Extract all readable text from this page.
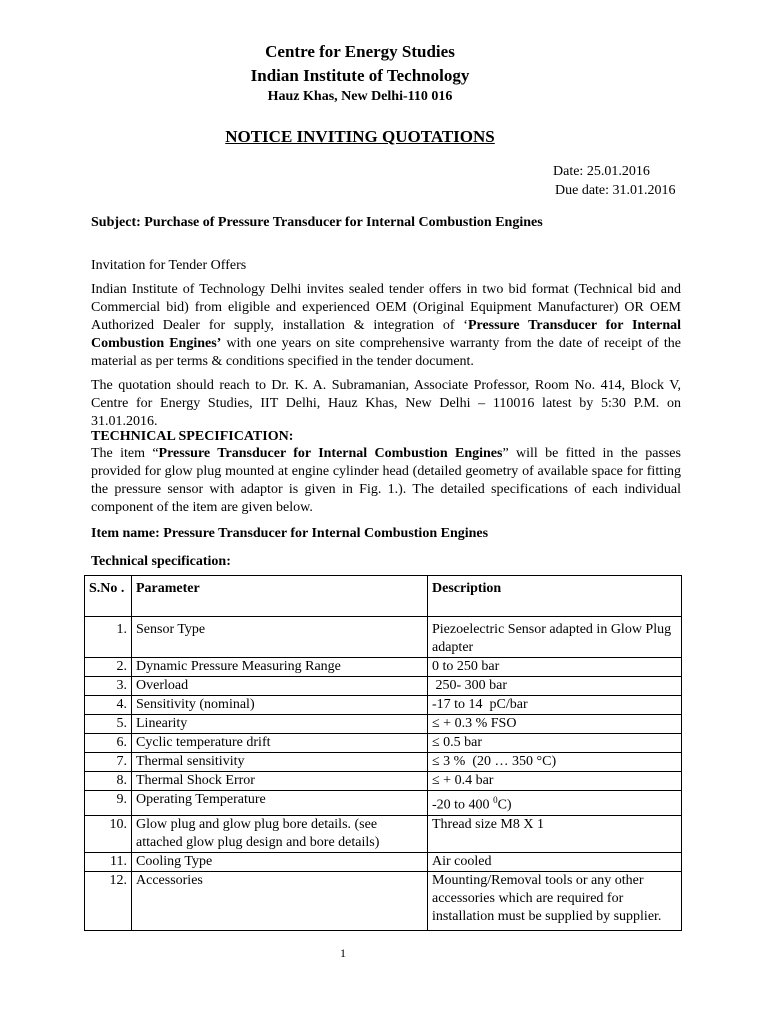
Centre for Energy Studies
Indian Institute of Technology
Hauz Khas, New Delhi-110 016
NOTICE INVITING QUOTATIONS
Date: 25.01.2016
Due date: 31.01.2016
Subject: Purchase of Pressure Transducer for Internal Combustion Engines
Invitation for Tender Offers
Indian Institute of Technology Delhi invites sealed tender offers in two bid format (Technical bid and Commercial bid) from eligible and experienced OEM (Original Equipment Manufacturer) OR OEM Authorized Dealer for supply, installation & integration of ‘Pressure Transducer for Internal Combustion Engines’ with one years on site comprehensive warranty from the date of receipt of the material as per terms & conditions specified in the tender document.
The quotation should reach to Dr. K. A. Subramanian, Associate Professor, Room No. 414, Block V, Centre for Energy Studies, IIT Delhi, Hauz Khas, New Delhi – 110016 latest by 5:30 P.M. on 31.01.2016.
TECHNICAL SPECIFICATION:
The item “Pressure Transducer for Internal Combustion Engines” will be fitted in the passes provided for glow plug mounted at engine cylinder head (detailed geometry of available space for fitting the pressure sensor with adaptor is given in Fig. 1.). The detailed specifications of each individual component of the item are given below.
Item name: Pressure Transducer for Internal Combustion Engines
Technical specification:
S.No .	Parameter	Description
1.	Sensor Type	Piezoelectric Sensor adapted in Glow Plug adapter
2.	Dynamic Pressure Measuring Range	0 to 250 bar
3.	Overload	250- 300 bar
4.	Sensitivity (nominal)	-17 to 14  pC/bar
5.	Linearity	≤ + 0.3 % FSO
6.	Cyclic temperature drift	≤ 0.5 bar
7.	Thermal sensitivity	≤ 3 %  (20 … 350 °C)
8.	Thermal Shock Error	≤ + 0.4 bar
9.	Operating Temperature	-20 to 400 $^0$C)
10.	Glow plug and glow plug bore details. (see attached glow plug design and bore details)	Thread size M8 X 1
11.	Cooling Type	Air cooled
12.	Accessories	Mounting/Removal tools or any other accessories which are required for installation must be supplied by supplier.
1
